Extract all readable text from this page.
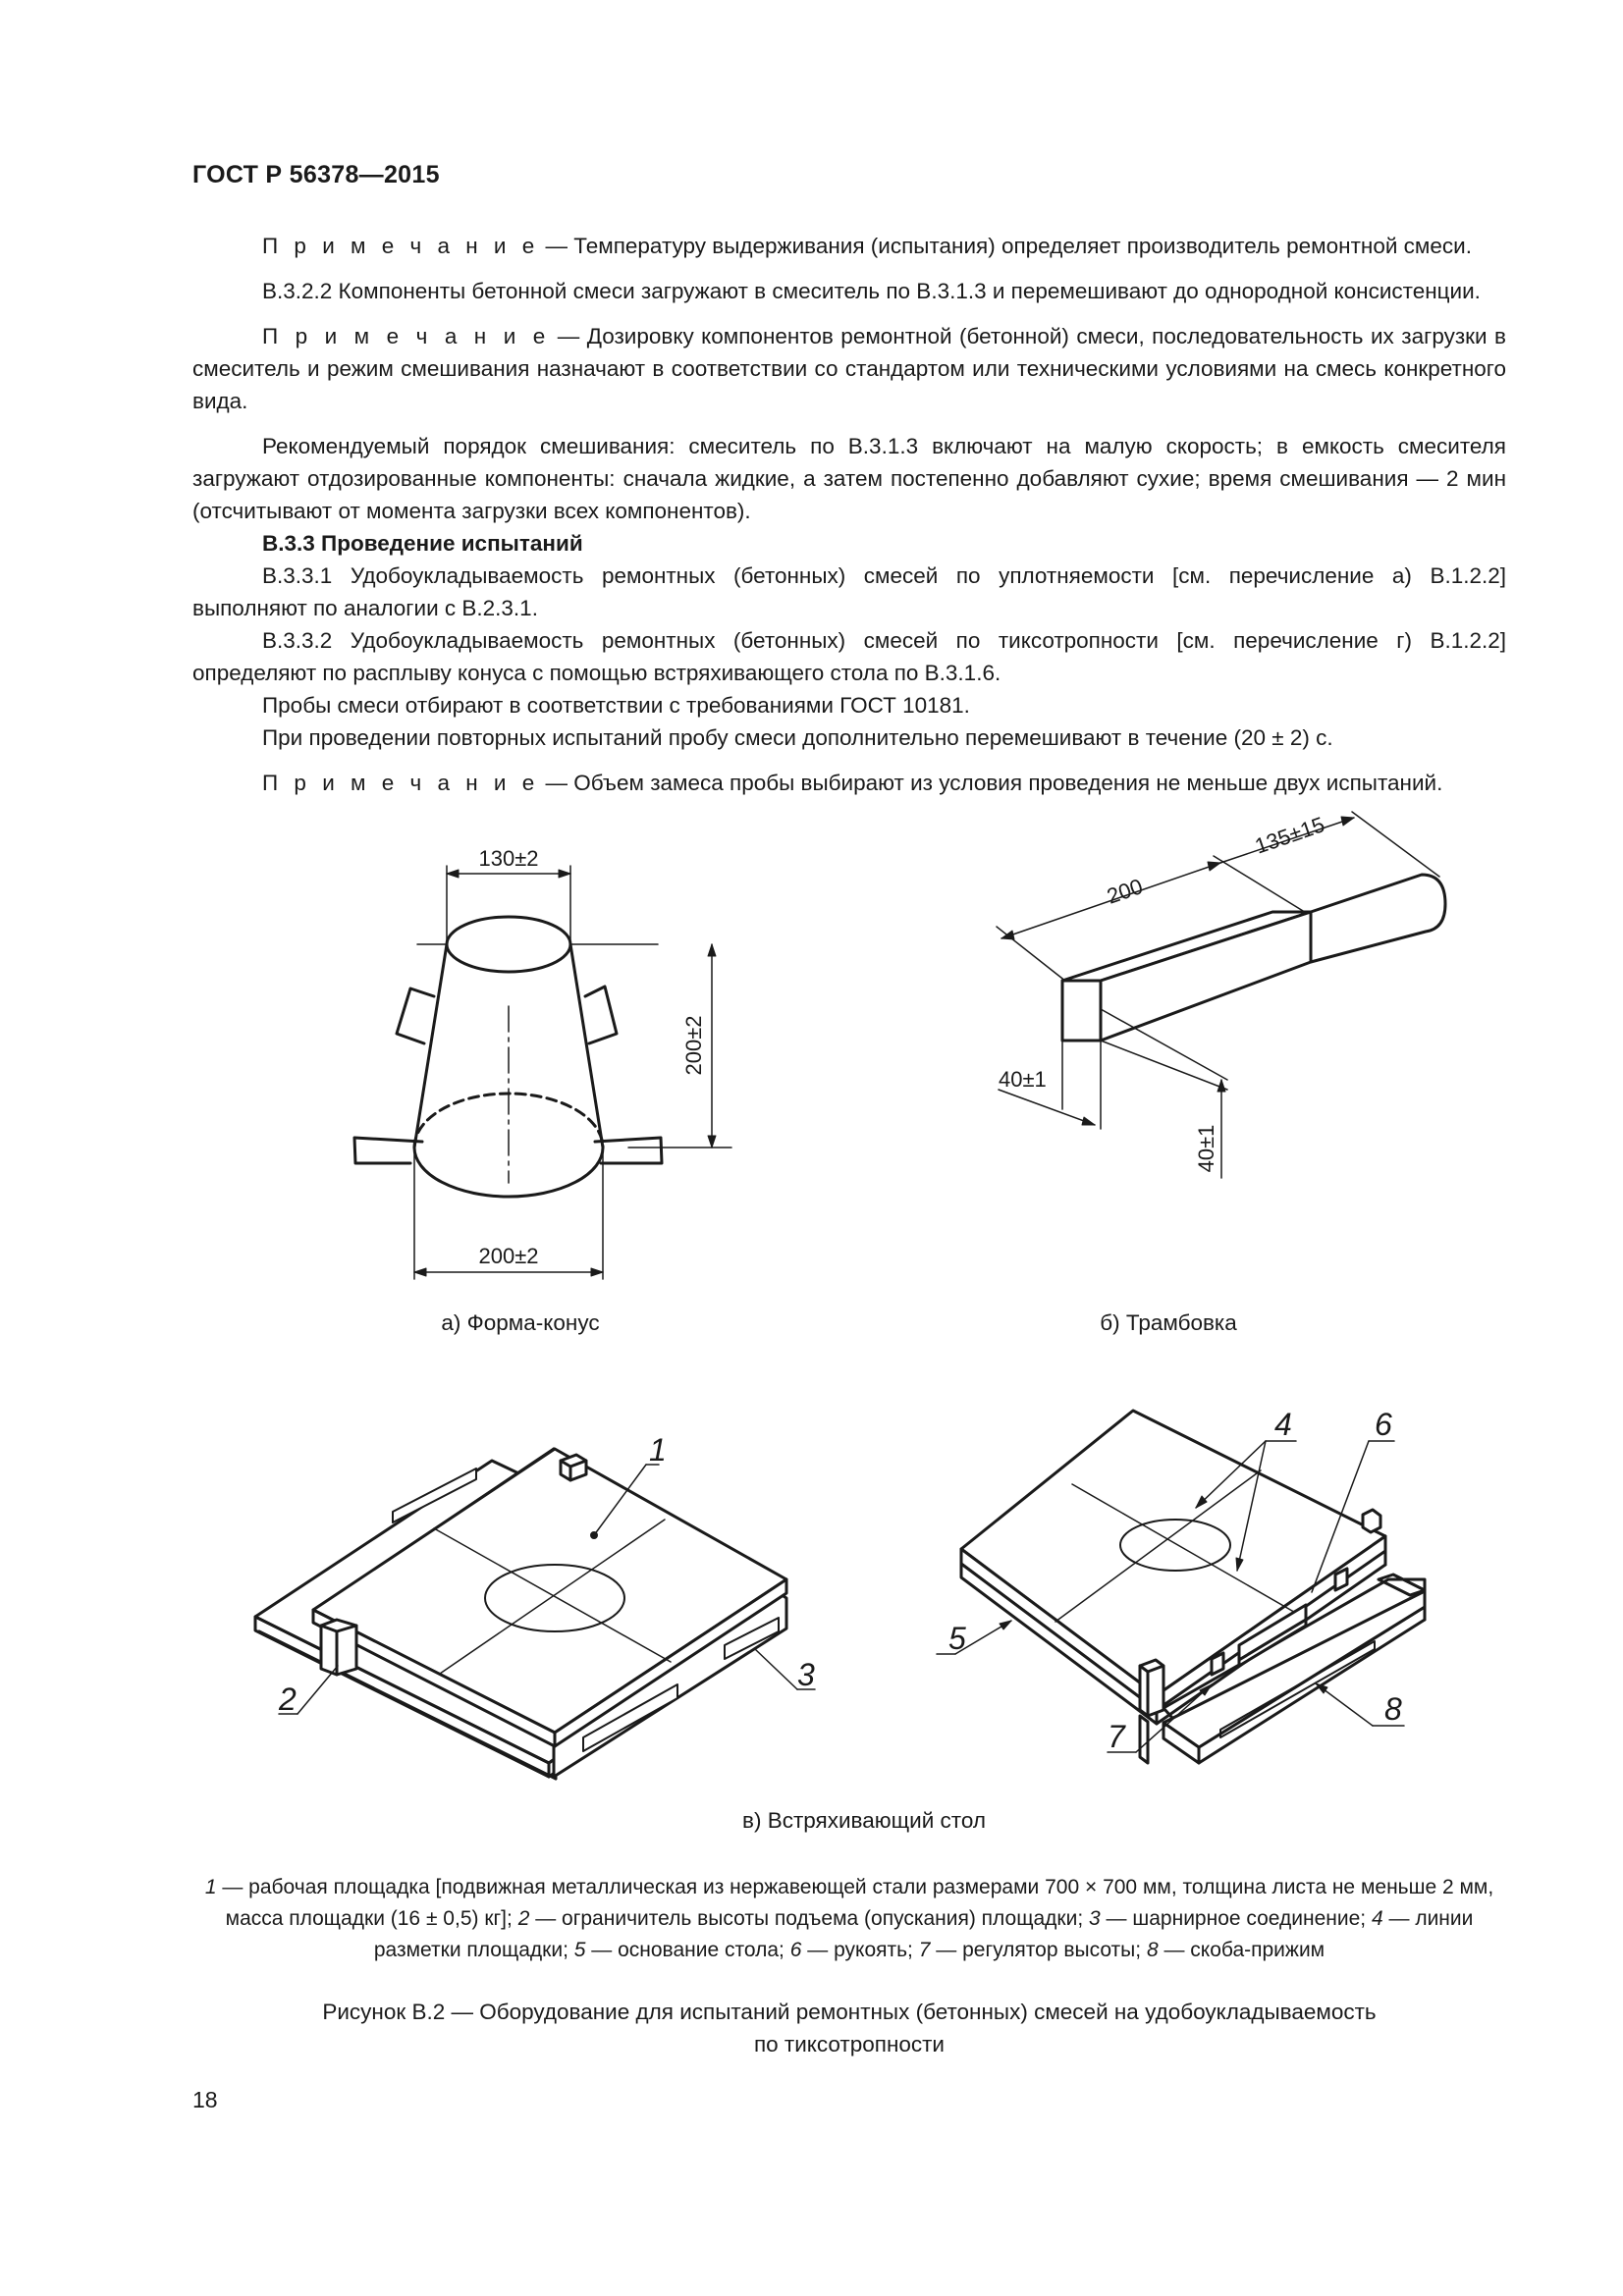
ГОСТ Р 56378—2015

П р и м е ч а н и е — Температуру выдерживания (испытания) определяет производитель ремонтной смеси.

В.3.2.2 Компоненты бетонной смеси загружают в смеситель по В.3.1.3 и перемешивают до однородной консистенции.

П р и м е ч а н и е — Дозировку компонентов ремонтной (бетонной) смеси, последовательность их загрузки в смеситель и режим смешивания назначают в соответствии со стандартом или техническими условиями на смесь конкретного вида.

Рекомендуемый порядок смешивания: смеситель по В.3.1.3 включают на малую скорость; в емкость смесителя загружают отдозированные компоненты: сначала жидкие, а затем постепенно добавляют сухие; время смешивания — 2 мин (отсчитывают от момента загрузки всех компонентов).

В.3.3 Проведение испытаний

В.3.3.1 Удобоукладываемость ремонтных (бетонных) смесей по уплотняемости [см. перечисление а) В.1.2.2] выполняют по аналогии с В.2.3.1.

В.3.3.2 Удобоукладываемость ремонтных (бетонных) смесей по тиксотропности [см. перечисление г) В.1.2.2] определяют по расплыву конуса с помощью встряхивающего стола по В.3.1.6.

Пробы смеси отбирают в соответствии с требованиями ГОСТ 10181.

При проведении повторных испытаний пробу смеси дополнительно перемешивают в течение (20 ± 2) с.

П р и м е ч а н и е — Объем замеса пробы выбирают из условия проведения не меньше двух испытаний.

130±2
200±2
200±2
200
135±15
40±1
40±1
1
2
3
4
5
6
7
8
а) Форма-конус	б) Трамбовка
в) Встряхивающий стол
1 — рабочая площадка [подвижная металлическая из нержавеющей стали размерами 700 × 700 мм, толщина листа не меньше 2 мм, масса площадки (16 ± 0,5) кг]; 2 — ограничитель высоты подъема (опускания) площадки; 3 — шарнирное соединение; 4 — линии разметки площадки; 5 — основание стола; 6 — рукоять; 7 — регулятор высоты; 8 — скоба-прижим
Рисунок В.2 — Оборудование для испытаний ремонтных (бетонных) смесей на удобоукладываемость
по тиксотропности
18
